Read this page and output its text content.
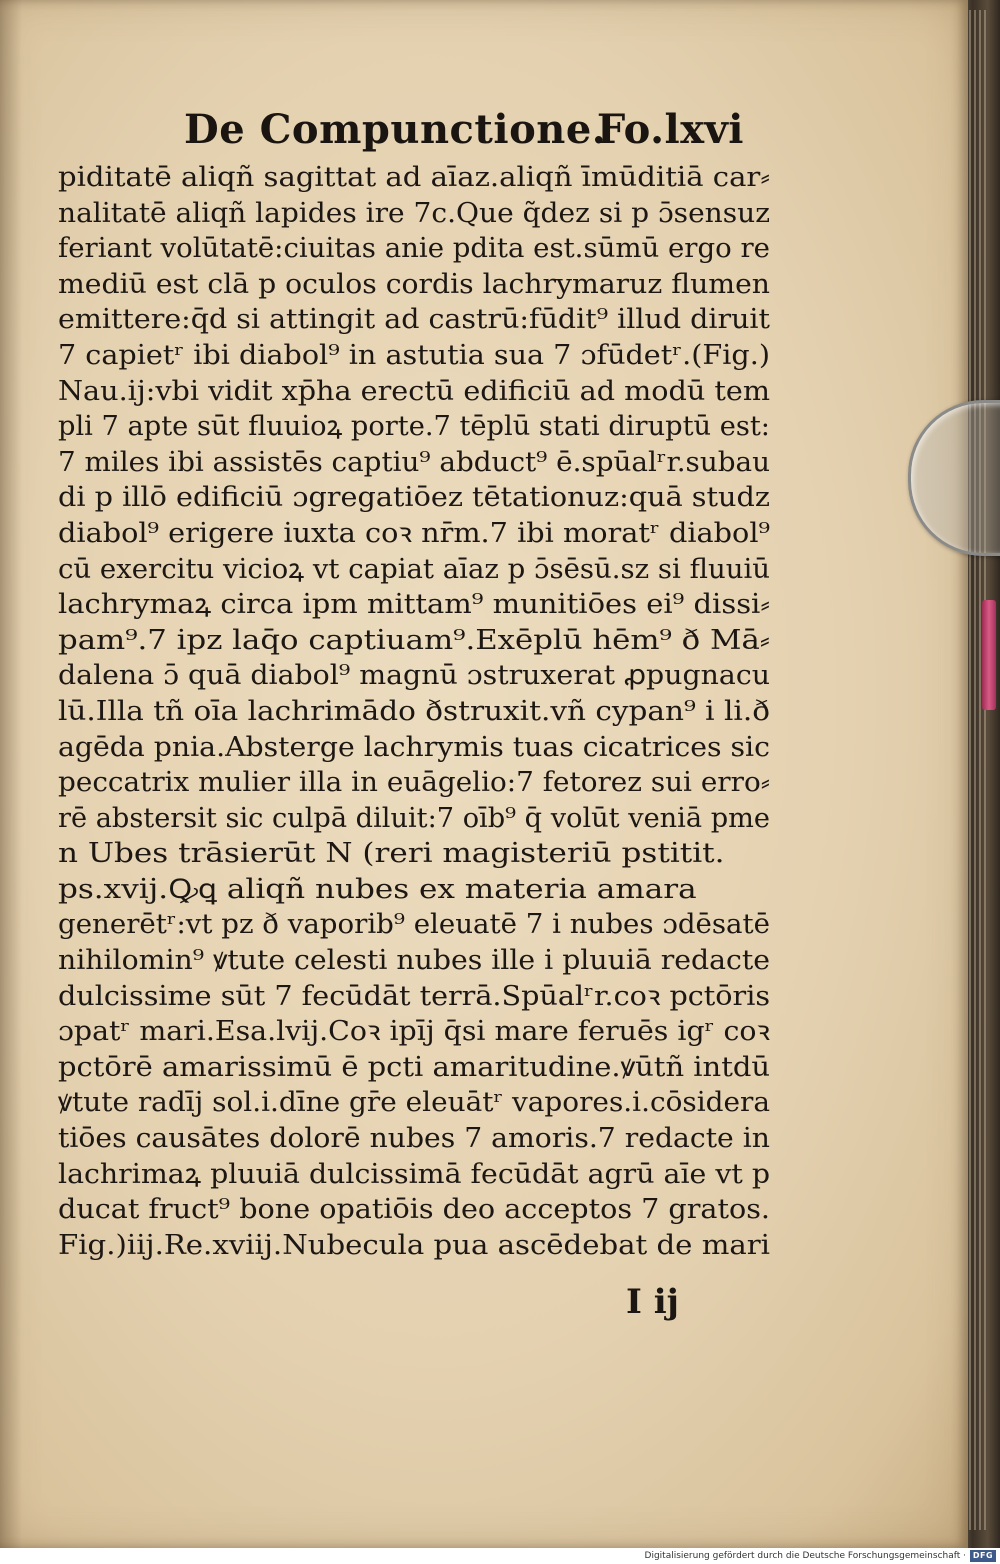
De Compunctione.
Fo.lxvi
piditatē aliqñ sagittat ad aīaz.aliqñ īmūditiā car⸗
nalitatē aliqñ lapides ire 7c.Que q̃dez si p ɔ̄sensuz
feriant volūtatē:ciuitas anie pdita est.sūmū ergo re
mediū est clā p oculos cordis lachrymaruz flumen
emittere:q̄d si attingit ad castrū:fūdit⁹ illud diruit
7 capietʳ ibi diabol⁹ in astutia sua 7 ɔfūdetʳ.(Fig.)
Nau.ij:vbi vidit xp̄ha erectū edificiū ad modū tem
pli 7 apte sūt fluuioꝝ porte.7 tēplū stati diruptū est:
7 miles ibi assistēs captiu⁹ abduct⁹ ē.spūalʳr.subau
di p illō edificiū ɔgregatiōez tētationuz:quā studz
diabol⁹ erigere iuxta coꝛ nr̄m.7 ibi moratʳ diabol⁹
cū exercitu vicioꝝ vt capiat aīaz p ɔ̄sēsū.sz si fluuiū
lachrymaꝝ circa ipm mittam⁹ munitiōes ei⁹ dissi⸗
pam⁹.7 ipz laq̄o captiuam⁹.Exēplū hēm⁹ ð Mā⸗
dalena ɔ̄ quā diabol⁹ magnū ɔstruxerat ꝓpugnacu
lū.Illa tñ oīa lachrimādo ðstruxit.vñ cypan⁹ i li.ð
agēda pnia.Absterge lachrymis tuas cicatrices sic
peccatrix mulier illa in euāgelio:7 fetorez sui erro⸗
rē abstersit sic culpā diluit:7 oīb⁹ q̄ volūt veniā pme
n Ubes trāsierūt N (reri magisteriū pstitit.
ps.xvij.Ꝙꝗ aliqñ nubes ex materia amara
generētʳ:vt pz ð vaporib⁹ eleuatē 7 i nubes ɔdēsatē
nihilomin⁹ ꝟtute celesti nubes ille i pluuiā redacte
dulcissime sūt 7 fecūdāt terrā.Spūalʳr.coꝛ pctōris
ɔpatʳ mari.Esa.lvij.Coꝛ ipīj q̄si mare feruēs igʳ coꝛ
pctōrē amarissimū ē pcti amaritudine.ꝟūtñ intdū
ꝟtute radīj sol.i.dīne gr̄e eleuātʳ vapores.i.cōsidera
tiōes causātes dolorē nubes 7 amoris.7 redacte in
lachrimaꝝ pluuiā dulcissimā fecūdāt agrū aīe vt p
ducat fruct⁹ bone opatiōis deo acceptos 7 gratos.
Fig.)iij.Re.xviij.Nubecula pua ascēdebat de mari
I ij
Digitalisierung gefördert durch die Deutsche Forschungsgemeinschaft · DFG
